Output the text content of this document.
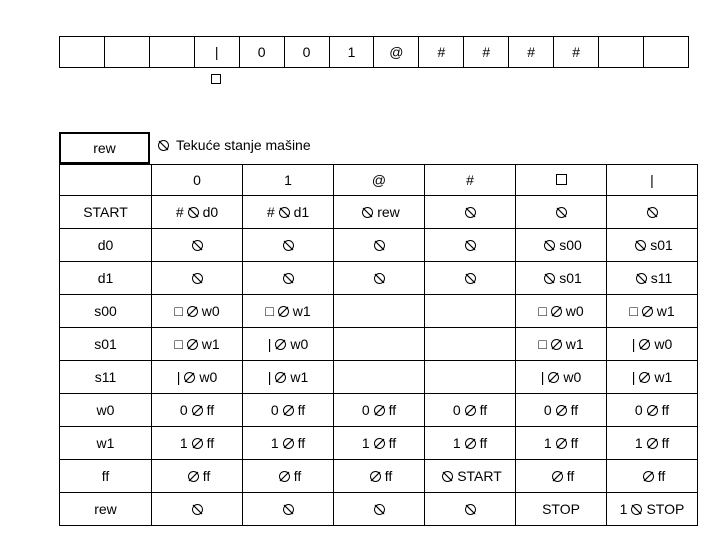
|	0	0	1	@	#	#	#	#
rew	Tekuće stanje mašine
	0	1	@	#		|
START	# d0	# d1	rew	

d0					s00	s01
d1					s01	s11
s00	□ w0	□ w1			□ w0	□ w1
s01	□ w1	| w0			□ w1	| w0
s11	| w0	| w1			| w0	| w1
w0	0 ff	0 ff	0 ff	0 ff	0 ff	0 ff
w1	1 ff	1 ff	1 ff	1 ff	1 ff	1 ff
ff	ff	ff	ff	START	ff	ff
rew					STOP	1 STOP
